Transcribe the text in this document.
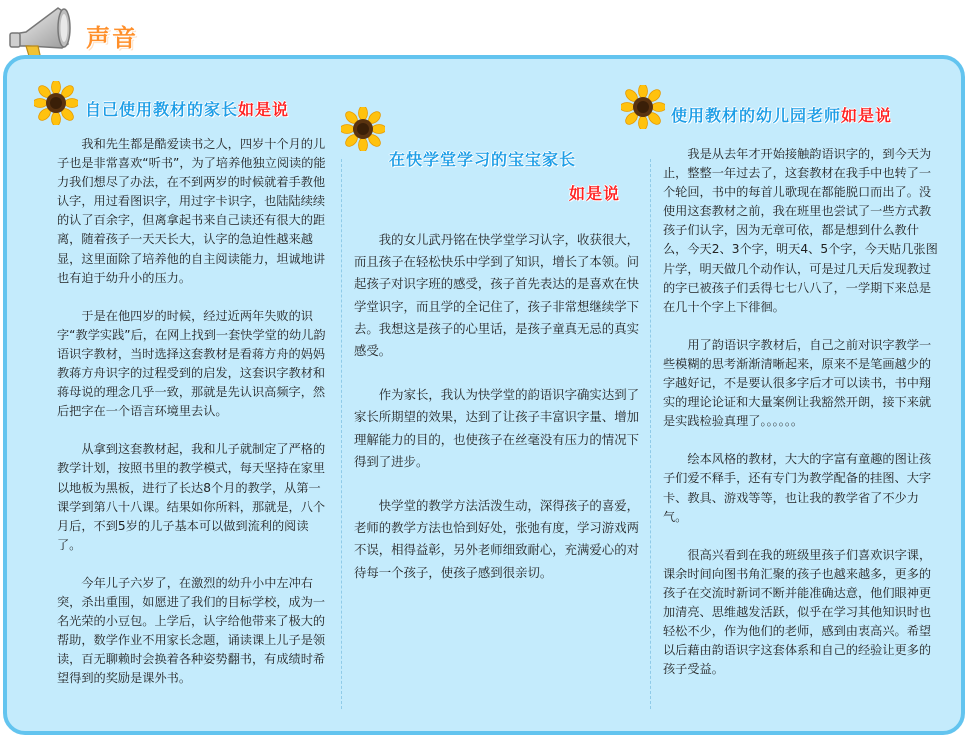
声音
自己使用教材的家长如是说

我和先生都是酷爱读书之人，四岁十个月的儿子也是非常喜欢“听书”，为了培养他独立阅读的能力我们想尽了办法，在不到两岁的时候就着手教他认字，用过看图识字，用过字卡识字，也陆陆续续的认了百余字，但离拿起书来自己读还有很大的距离，随着孩子一天天长大，认字的急迫性越来越显，这里面除了培养他的自主阅读能力，坦诚地讲也有迫于幼升小的压力。

于是在他四岁的时候，经过近两年失败的识字“教学实践”后，在网上找到一套快学堂的幼儿韵语识字教材，当时选择这套教材是看蒋方舟的妈妈教蒋方舟识字的过程受到的启发，这套识字教材和蒋母说的理念几乎一致，那就是先认识高频字，然后把字在一个语言环境里去认。

从拿到这套教材起，我和儿子就制定了严格的教学计划，按照书里的教学模式，每天坚持在家里以地板为黑板，进行了长达8个月的教学，从第一课学到第八十八课。结果如你所料，那就是，八个月后，不到5岁的儿子基本可以做到流利的阅读了。

今年儿子六岁了，在激烈的幼升小中左冲右突，杀出重围，如愿进了我们的目标学校，成为一名光荣的小豆包。上学后，认字给他带来了极大的帮助，数学作业不用家长念题，诵读课上儿子是领读，百无聊赖时会换着各种姿势翻书，有成绩时希望得到的奖励是课外书。

在快学堂学习的宝宝家长
如是说

我的女儿武丹铭在快学堂学习认字，收获很大，而且孩子在轻松快乐中学到了知识，增长了本领。问起孩子对识字班的感受，孩子首先表达的是喜欢在快学堂识字，而且学的全记住了，孩子非常想继续学下去。我想这是孩子的心里话，是孩子童真无忌的真实感受。

作为家长，我认为快学堂的韵语识字确实达到了家长所期望的效果，达到了让孩子丰富识字量、增加理解能力的目的，也使孩子在丝毫没有压力的情况下得到了进步。

快学堂的教学方法活泼生动，深得孩子的喜爱，老师的教学方法也恰到好处，张弛有度，学习游戏两不误，相得益彰，另外老师细致耐心，充满爱心的对待每一个孩子，使孩子感到很亲切。

使用教材的幼儿园老师如是说

我是从去年才开始接触韵语识字的，到今天为止，整整一年过去了，这套教材在我手中也转了一个轮回，书中的每首儿歌现在都能脱口而出了。没使用这套教材之前，我在班里也尝试了一些方式教孩子们认字，因为无章可依，都是想到什么教什么，今天2、3个字，明天4、5个字，今天贴几张图片学，明天做几个动作认，可是过几天后发现教过的字已被孩子们丢得七七八八了，一学期下来总是在几十个字上下徘徊。

用了韵语识字教材后，自己之前对识字教学一些模糊的思考渐渐清晰起来，原来不是笔画越少的字越好记，不是要认很多字后才可以读书，书中翔实的理论论证和大量案例让我豁然开朗，接下来就是实践检验真理了。。。。。。

绘本风格的教材，大大的字富有童趣的图让孩子们爱不释手，还有专门为教学配备的挂图、大字卡、教具、游戏等等，也让我的教学省了不少力气。

很高兴看到在我的班级里孩子们喜欢识字课，课余时间向图书角汇聚的孩子也越来越多，更多的孩子在交流时新词不断并能准确达意，他们眼神更加清亮、思维越发活跃，似乎在学习其他知识时也轻松不少，作为他们的老师，感到由衷高兴。希望以后藉由韵语识字这套体系和自己的经验让更多的孩子受益。
